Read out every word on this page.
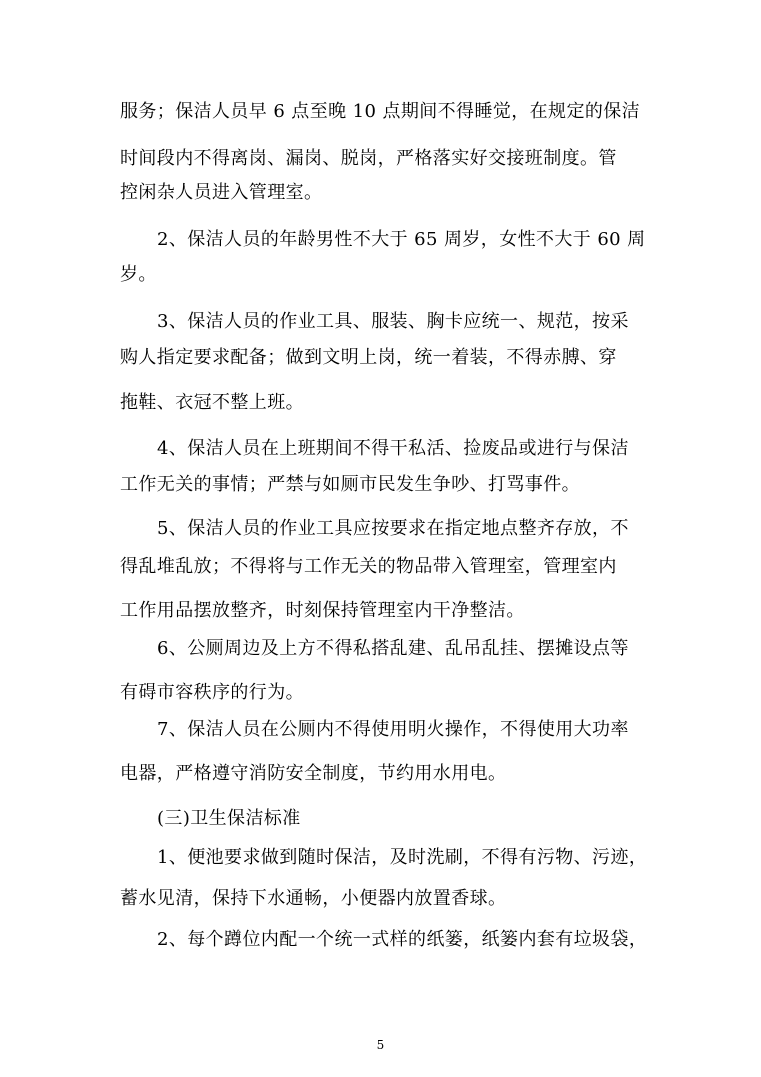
服务；保洁人员早 6 点至晚 10 点期间不得睡觉，在规定的保洁
时间段内不得离岗、漏岗、脱岗，严格落实好交接班制度。管
控闲杂人员进入管理室。
2、保洁人员的年龄男性不大于 65 周岁，女性不大于 60 周
岁。
3、保洁人员的作业工具、服装、胸卡应统一、规范，按采
购人指定要求配备；做到文明上岗，统一着装，不得赤膊、穿
拖鞋、衣冠不整上班。
4、保洁人员在上班期间不得干私活、捡废品或进行与保洁
工作无关的事情；严禁与如厕市民发生争吵、打骂事件。
5、保洁人员的作业工具应按要求在指定地点整齐存放，不
得乱堆乱放；不得将与工作无关的物品带入管理室，管理室内
工作用品摆放整齐，时刻保持管理室内干净整洁。
6、公厕周边及上方不得私搭乱建、乱吊乱挂、摆摊设点等
有碍市容秩序的行为。
7、保洁人员在公厕内不得使用明火操作，不得使用大功率
电器，严格遵守消防安全制度，节约用水用电。
(三)卫生保洁标准
1、便池要求做到随时保洁，及时洗刷，不得有污物、污迹，
蓄水见清，保持下水通畅，小便器内放置香球。
2、每个蹲位内配一个统一式样的纸篓，纸篓内套有垃圾袋，
5
